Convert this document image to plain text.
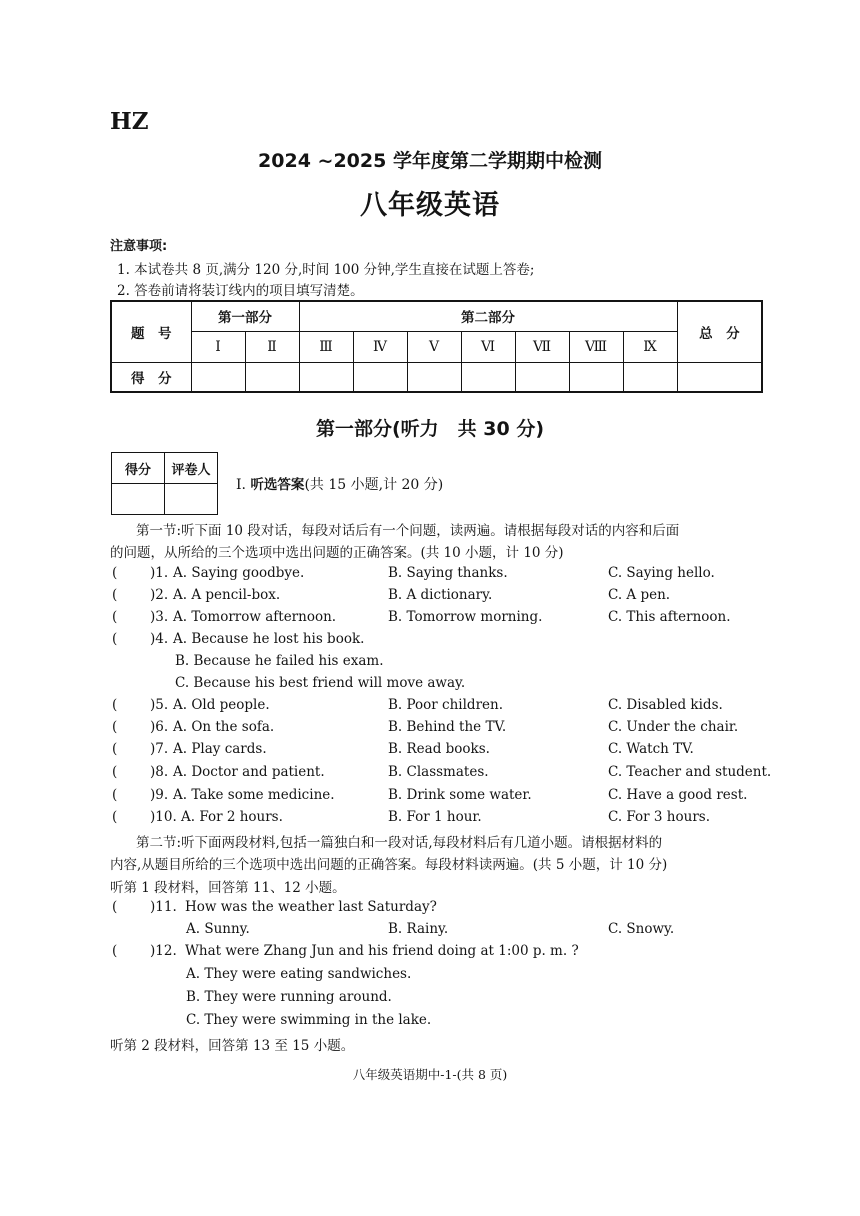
HZ
2024 ~2025 学年度第二学期期中检测
八年级英语
注意事项:
1. 本试卷共 8 页,满分 120 分,时间 100 分钟,学生直接在试题上答卷;
2. 答卷前请将装订线内的项目填写清楚。
题　号	第一部分		第二部分							总　分
	Ⅰ	Ⅱ	Ⅲ	Ⅳ	Ⅴ	Ⅵ	Ⅶ	Ⅷ	Ⅸ	
得　分										
第一部分(听力　共 30 分)
得分	评卷人

Ⅰ. 听选答案(共 15 小题,计 20 分)
第一节:听下面 10 段对话，每段对话后有一个问题，读两遍。请根据每段对话的内容和后面
的问题，从所给的三个选项中选出问题的正确答案。(共 10 小题，计 10 分)
( )1. A. Saying goodbye.	B. Saying thanks.	C. Saying hello.
( )2. A. A pencil-box.	B. A dictionary.	C. A pen.
( )3. A. Tomorrow afternoon.	B. Tomorrow morning.	C. This afternoon.
( )4. A. Because he lost his book.
B. Because he failed his exam.
C. Because his best friend will move away.
( )5. A. Old people.	B. Poor children.	C. Disabled kids.
( )6. A. On the sofa.	B. Behind the TV.	C. Under the chair.
( )7. A. Play cards.	B. Read books.	C. Watch TV.
( )8. A. Doctor and patient.	B. Classmates.	C. Teacher and student.
( )9. A. Take some medicine.	B. Drink some water.	C. Have a good rest.
( )10. A. For 2 hours.	B. For 1 hour.	C. For 3 hours.
第二节:听下面两段材料,包括一篇独白和一段对话,每段材料后有几道小题。请根据材料的
内容,从题目所给的三个选项中选出问题的正确答案。每段材料读两遍。(共 5 小题，计 10 分)
听第 1 段材料，回答第 11、12 小题。
( )11. How was the weather last Saturday?
A. Sunny.	B. Rainy.	C. Snowy.
( )12. What were Zhang Jun and his friend doing at 1:00 p. m. ?
A. They were eating sandwiches.
B. They were running around.
C. They were swimming in the lake.
听第 2 段材料，回答第 13 至 15 小题。
八年级英语期中-1-(共 8 页)
